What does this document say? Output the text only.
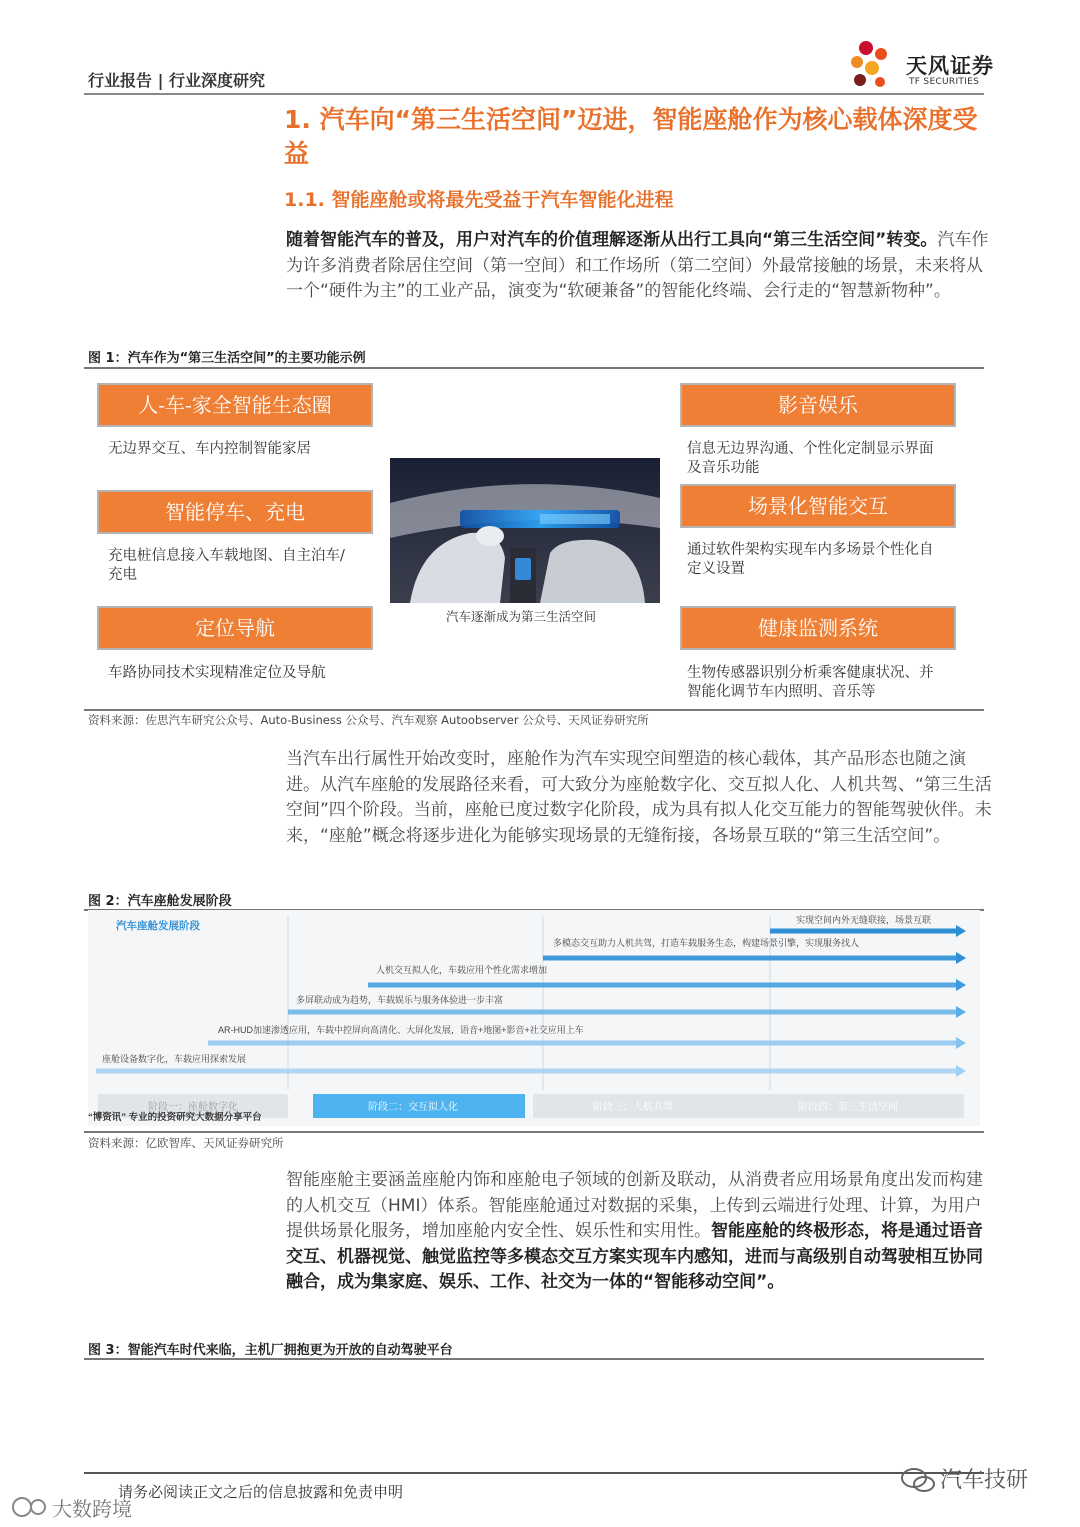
行业报告 | 行业深度研究
天风证券
TF SECURITIES
1. 汽车向“第三生活空间”迈进，智能座舱作为核心载体深度受益
1.1. 智能座舱或将最先受益于汽车智能化进程
随着智能汽车的普及，用户对汽车的价值理解逐渐从出行工具向“第三生活空间”转变。汽车作为许多消费者除居住空间（第一空间）和工作场所（第二空间）外最常接触的场景，未来将从一个“硬件为主”的工业产品，演变为“软硬兼备”的智能化终端、会行走的“智慧新物种”。
图 1：汽车作为“第三生活空间”的主要功能示例
人-车-家全智能生态圈
无边界交互、车内控制智能家居
智能停车、充电
充电桩信息接入车载地图、自主泊车/充电
定位导航
车路协同技术实现精准定位及导航
影音娱乐
信息无边界沟通、个性化定制显示界面及音乐功能
场景化智能交互
通过软件架构实现车内多场景个性化自定义设置
健康监测系统
生物传感器识别分析乘客健康状况、并智能化调节车内照明、音乐等
汽车逐渐成为第三生活空间
资料来源：佐思汽车研究公众号、Auto-Business 公众号、汽车观察 Autoobserver 公众号、天风证券研究所
当汽车出行属性开始改变时，座舱作为汽车实现空间塑造的核心载体，其产品形态也随之演进。从汽车座舱的发展路径来看，可大致分为座舱数字化、交互拟人化、人机共驾、“第三生活空间”四个阶段。当前，座舱已度过数字化阶段，成为具有拟人化交互能力的智能驾驶伙伴。未来，“座舱”概念将逐步进化为能够实现场景的无缝衔接，各场景互联的“第三生活空间”。
图 2：汽车座舱发展阶段
汽车座舱发展阶段	实现空间内外无缝联接，场景互联
多模态交互助力人机共驾，打造车载服务生态，构建场景引擎，实现服务找人
人机交互拟人化，车载应用个性化需求增加
多屏联动成为趋势，车载娱乐与服务体验进一步丰富
AR-HUD加速渗透应用，车载中控屏向高清化、大屏化发展，语音+地图+影音+社交应用上车
座舱设备数字化，车载应用探索发展
阶段一：座舱数字化	阶段二：交互拟人化	阶段三：人机共驾	阶段四：第三生活空间
“博资讯” 专业的投资研究大数据分享平台
资料来源：亿欧智库、天风证券研究所
智能座舱主要涵盖座舱内饰和座舱电子领域的创新及联动，从消费者应用场景角度出发而构建的人机交互（HMI）体系。智能座舱通过对数据的采集，上传到云端进行处理、计算，为用户提供场景化服务，增加座舱内安全性、娱乐性和实用性。智能座舱的终极形态，将是通过语音交互、机器视觉、触觉监控等多模态交互方案实现车内感知，进而与高级别自动驾驶相互协同融合，成为集家庭、娱乐、工作、社交为一体的“智能移动空间”。
图 3：智能汽车时代来临，主机厂拥抱更为开放的自动驾驶平台
请务必阅读正文之后的信息披露和免责申明	汽车技研
大数跨境
